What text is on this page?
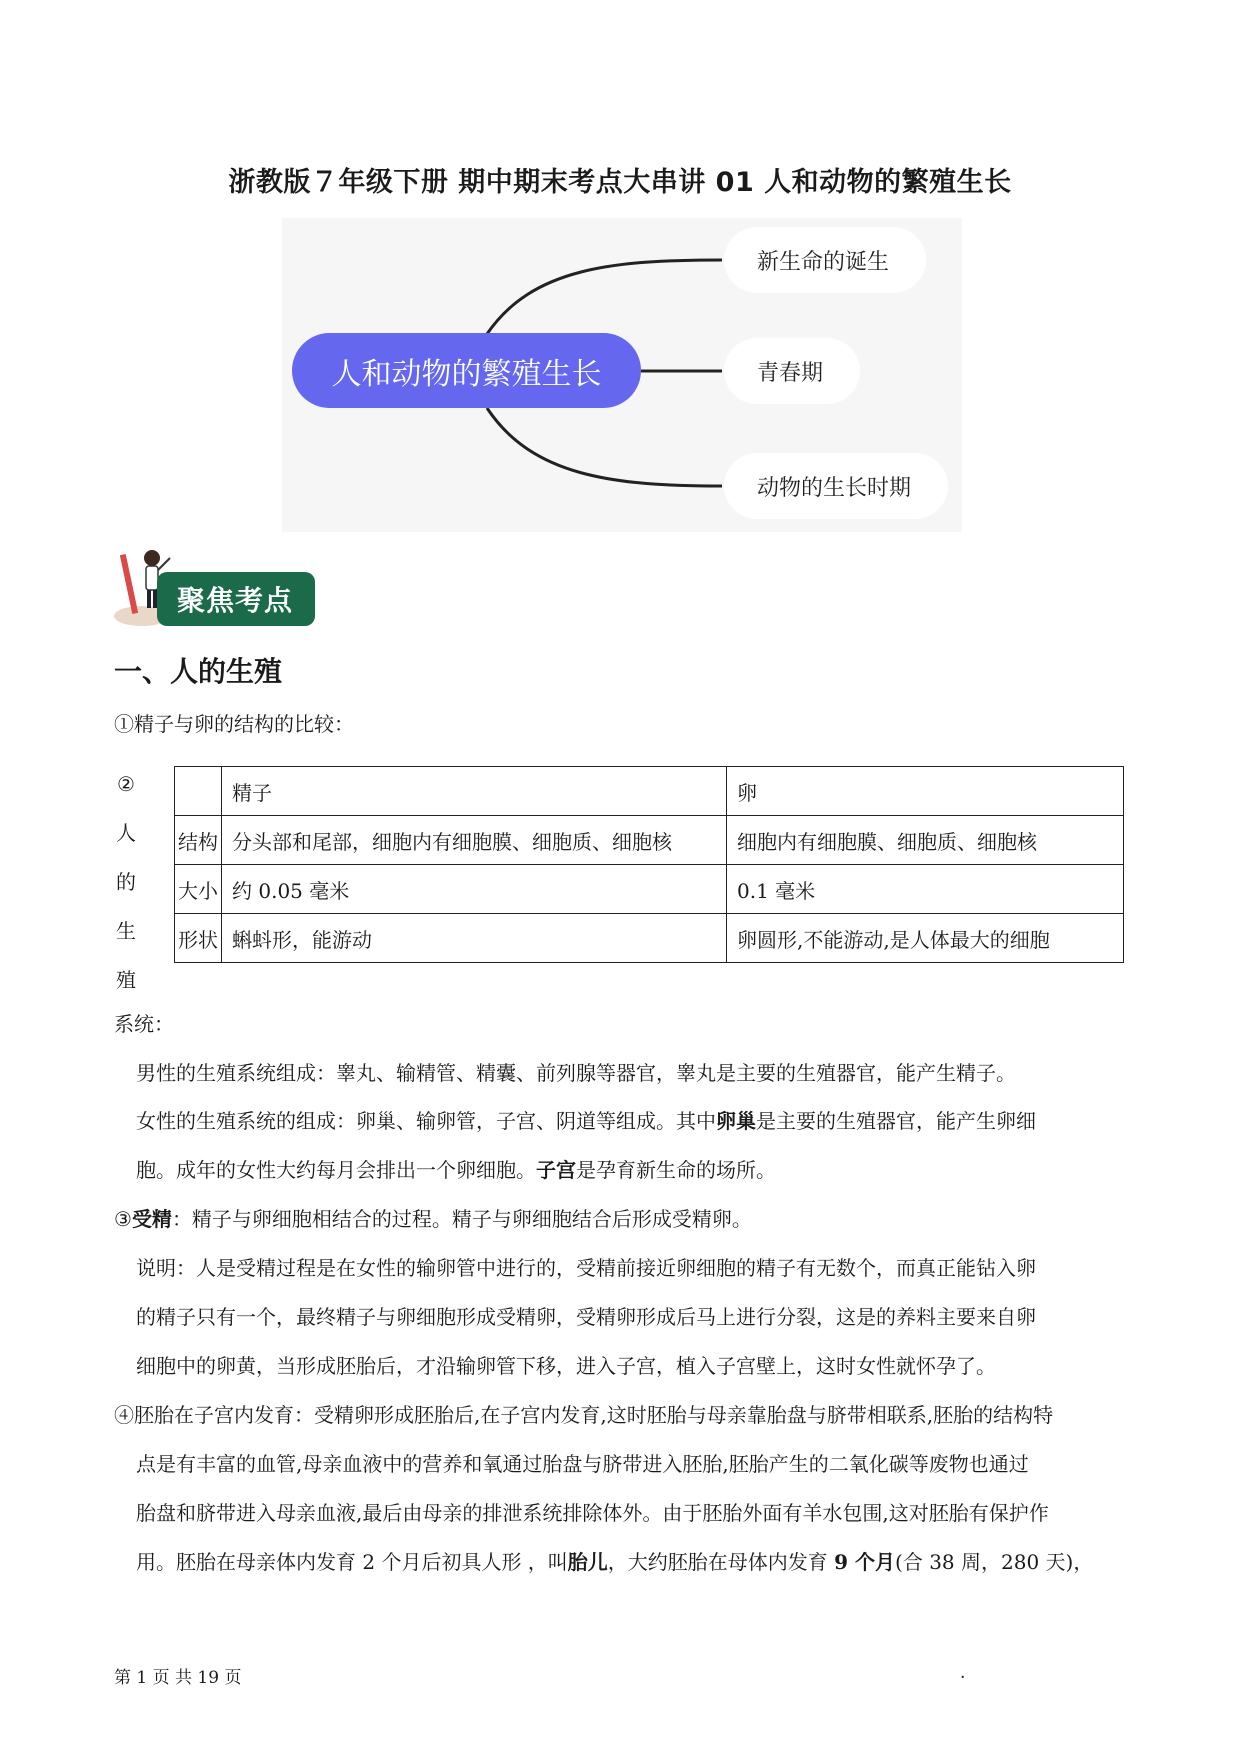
浙教版７年级下册 期中期末考点大串讲 01 人和动物的繁殖生长
人和动物的繁殖生长
新生命的诞生
青春期
动物的生长时期
聚焦考点
一、人的生殖
①精子与卵的结构的比较：
②
人
的
生
殖
	精子	卵
结构	分头部和尾部，细胞内有细胞膜、细胞质、细胞核	细胞内有细胞膜、细胞质、细胞核
大小	约 0.05 毫米	0.1 毫米
形状	蝌蚪形，能游动	卵圆形,不能游动,是人体最大的细胞
系统：
男性的生殖系统组成：睾丸、输精管、精囊、前列腺等器官，睾丸是主要的生殖器官，能产生精子。
女性的生殖系统的组成：卵巢、输卵管，子宫、阴道等组成。其中卵巢是主要的生殖器官，能产生卵细
胞。成年的女性大约每月会排出一个卵细胞。子宫是孕育新生命的场所。
③受精：精子与卵细胞相结合的过程。精子与卵细胞结合后形成受精卵。
说明：人是受精过程是在女性的输卵管中进行的，受精前接近卵细胞的精子有无数个，而真正能钻入卵
的精子只有一个，最终精子与卵细胞形成受精卵，受精卵形成后马上进行分裂，这是的养料主要来自卵
细胞中的卵黄，当形成胚胎后，才沿输卵管下移，进入子宫，植入子宫壁上，这时女性就怀孕了。
④胚胎在子宫内发育：受精卵形成胚胎后,在子宫内发育,这时胚胎与母亲靠胎盘与脐带相联系,胚胎的结构特
点是有丰富的血管,母亲血液中的营养和氧通过胎盘与脐带进入胚胎,胚胎产生的二氧化碳等废物也通过
胎盘和脐带进入母亲血液,最后由母亲的排泄系统排除体外。由于胚胎外面有羊水包围,这对胚胎有保护作
用。胚胎在母亲体内发育 2 个月后初具人形 ，叫胎儿，大约胚胎在母体内发育 9 个月(合 38 周，280 天)，
第 1 页 共 19 页	.
